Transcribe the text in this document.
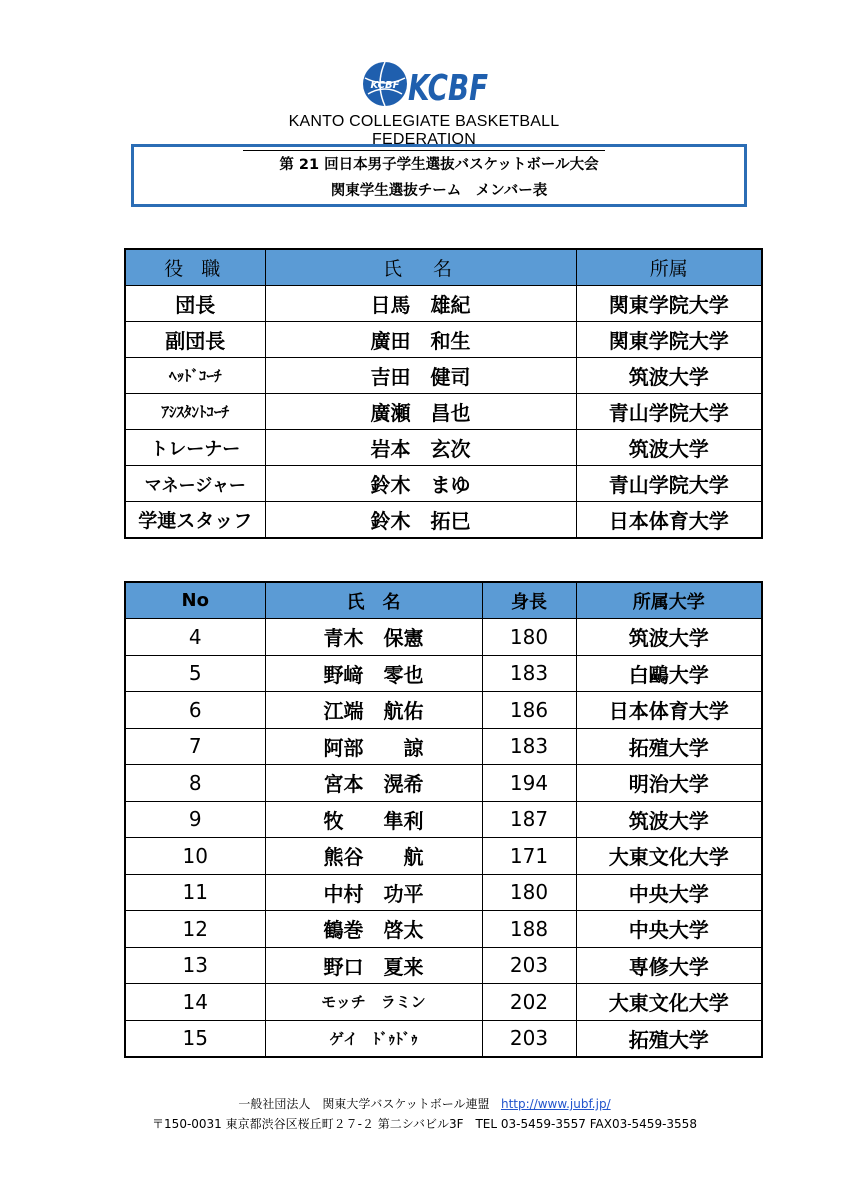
KCBF KCBF
KANTO COLLEGIATE BASKETBALL FEDERATION
第 21 回日本男子学生選抜バスケットボール大会
関東学生選抜チーム　メンバー表
役 職	氏　名	所属
団長	日馬　雄紀	関東学院大学
副団長	廣田　和生	関東学院大学
ﾍｯﾄﾞｺｰﾁ	吉田　健司	筑波大学
ｱｼｽﾀﾝﾄｺｰﾁ	廣瀬　昌也	青山学院大学
トレーナー	岩本　玄次	筑波大学
マネージャー	鈴木　まゆ	青山学院大学
学連スタッフ	鈴木　拓巳	日本体育大学
No	氏　名	身長	所属大学
4	青木　保憲	180	筑波大学
5	野﨑　零也	183	白鷗大学
6	江端　航佑	186	日本体育大学
7	阿部　　諒	183	拓殖大学
8	宮本　滉希	194	明治大学
9	牧　　隼利	187	筑波大学
10	熊谷　　航	171	大東文化大学
11	中村　功平	180	中央大学
12	鶴巻　啓太	188	中央大学
13	野口　夏来	203	専修大学
14	モッチ　ラミン	202	大東文化大学
15	ゲイ　ﾄﾞｩﾄﾞｩ	203	拓殖大学
一般社団法人　関東大学バスケットボール連盟 http://www.jubf.jp/
〒150-0031 東京都渋谷区桜丘町２７-２ 第二シバビル3F　TEL 03-5459-3557 FAX03-5459-3558
